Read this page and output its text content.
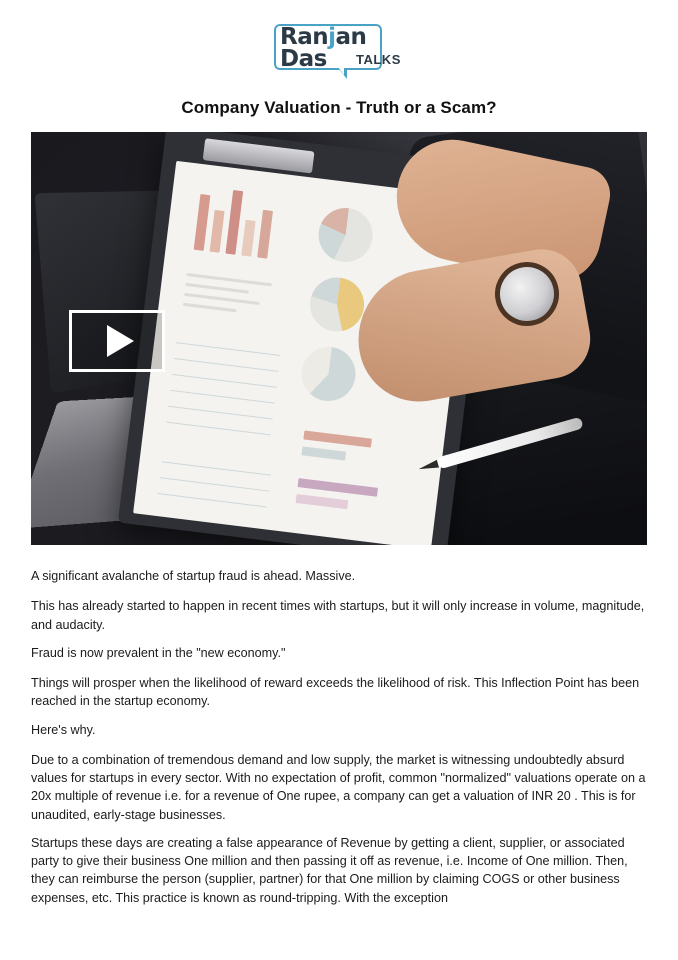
Ranjan
Das TALKS
Company Valuation - Truth or a Scam?

A significant avalanche of startup fraud is ahead. Massive.

This has already started to happen in recent times with startups, but it will only increase in volume, magnitude, and audacity.

Fraud is now prevalent in the "new economy."

Things will prosper when the likelihood of reward exceeds the likelihood of risk. This Inflection Point has been reached in the startup economy.

Here's why.

Due to a combination of tremendous demand and low supply, the market is witnessing undoubtedly absurd values for startups in every sector. With no expectation of profit, common "normalized" valuations operate on a 20x multiple of revenue i.e. for a revenue of One rupee, a company can get a valuation of INR 20 . This is for unaudited, early-stage businesses.

Startups these days are creating a false appearance of Revenue by getting a client, supplier, or associated party to give their business One million and then passing it off as revenue, i.e. Income of One million. Then, they can reimburse the person (supplier, partner) for that One million by claiming COGS or other business expenses, etc. This practice is known as round-tripping. With the exception
